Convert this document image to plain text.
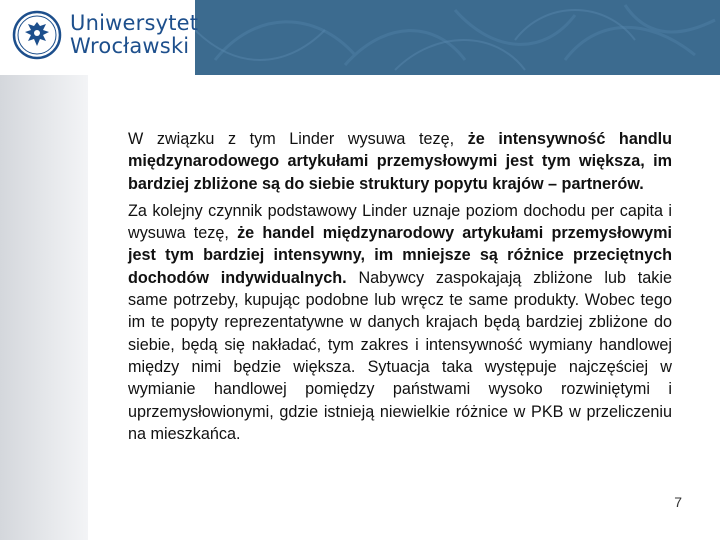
Uniwersytet
Wrocławski

W związku z tym Linder wysuwa tezę, że intensywność handlu międzynarodowego artykułami przemysłowymi jest tym większa, im bardziej zbliżone są do siebie struktury popytu krajów – partnerów.

Za kolejny czynnik podstawowy Linder uznaje poziom dochodu per capita i wysuwa tezę, że handel międzynarodowy artykułami przemysłowymi jest tym bardziej intensywny, im mniejsze są różnice przeciętnych dochodów indywidualnych. Nabywcy zaspokajają zbliżone lub takie same potrzeby, kupując podobne lub wręcz te same produkty. Wobec tego im te popyty reprezentatywne w danych krajach będą bardziej zbliżone do siebie, będą się nakładać, tym zakres i intensywność wymiany handlowej między nimi będzie większa. Sytuacja taka występuje najczęściej w wymianie handlowej pomiędzy państwami wysoko rozwiniętymi i uprzemysłowionymi, gdzie istnieją niewielkie różnice w PKB w przeliczeniu na mieszkańca.

7
